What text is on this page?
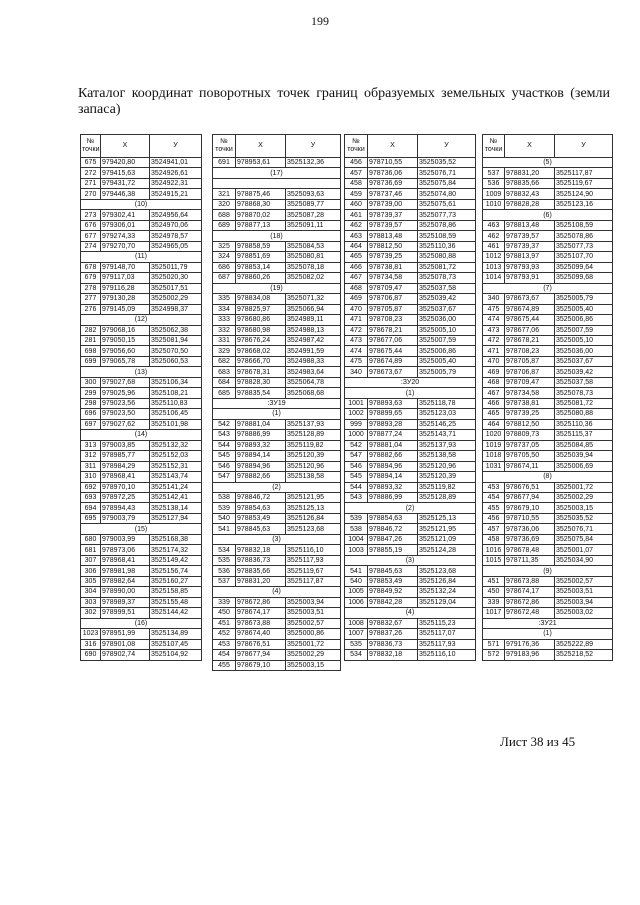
199
Каталог координат поворотных точек границ образуемых земельных участков (земли запаса)
№
точки	Х	У
675	979420,80	3524941,01
272	979415,63	3524926,61
271	979431,72	3524922,31
270	979446,38	3524915,21
(10)		
273	979302,41	3524956,64
676	979306,01	3524970,06
677	979274,33	3524978,57
274	979270,70	3524965,05
(11)		
678	979148,70	3525011,79
679	979117,03	3525020,30
278	979116,28	3525017,51
277	979130,28	3525002,29
276	979145,09	3524998,37
(12)		
282	979068,16	3525062,38
281	979050,15	3525081,94
698	979056,60	3525070,50
699	979065,78	3525060,53
(13)		
300	979027,68	3525106,34
299	979025,96	3525108,21
298	979023,56	3525110,83
696	979023,50	3525106,45
697	979027,62	3525101,98
(14)		
313	979003,85	3525132,32
312	978985,77	3525152,03
311	978984,29	3525152,31
310	978968,41	3525143,74
692	978970,10	3525141,24
693	978972,25	3525142,41
694	978994,43	3525138,14
695	979003,79	3525127,94
(15)		
680	979003,99	3525168,38
681	978973,06	3525174,32
307	978968,41	3525149,42
306	978981,98	3525156,74
305	978982,64	3525160,27
304	978990,00	3525158,85
303	978989,37	3525155,48
302	978999,51	3525144,42
(16)		
1023	978951,99	3525134,89
316	978901,08	3525107,45
690	978902,74	3525104,92
№
точки	Х	У
691	978953,61	3525132,36
(17)		

321	978875,46	3525093,63
320	978868,30	3525089,77
688	978870,02	3525087,28
689	978877,13	3525091,11
(18)		
325	978858,59	3525084,53
324	978851,69	3525080,81
686	978853,14	3525078,18
687	978860,26	3525082,02
(19)		
335	978834,08	3525071,32
334	978825,97	3525066,94
333	978680,86	3524989,11
332	978680,98	3524988,13
331	978676,24	3524987,42
329	978668,02	3524991,59
682	978666,70	3524988,33
683	978678,31	3524983,64
684	978828,30	3525064,78
685	978835,54	3525068,68
:ЗУ19		
(1)		
542	978881,04	3525137,93
543	978886,99	3525128,89
544	978893,32	3525119,82
545	978894,14	3525120,39
546	978894,96	3525120,96
547	978882,66	3525138,58
(2)		
538	978846,72	3525121,95
539	978854,63	3525125,13
540	978853,49	3525126,84
541	978845,63	3525123,68
(3)		
534	978832,18	3525116,10
535	978836,73	3525117,93
536	978835,66	3525119,67
537	978831,20	3525117,87
(4)		
339	978672,86	3525003,94
450	978674,17	3525003,51
451	978673,88	3525002,57
452	978674,40	3525000,86
453	978676,51	3525001,72
454	978677,94	3525002,29
455	978679,10	3525003,15
№
точки	Х	У
456	978710,55	3525035,52
457	978736,06	3525076,71
458	978736,69	3525075,84
459	978737,46	3525074,80
460	978739,00	3525075,61
461	978739,37	3525077,73
462	978739,57	3525078,86
463	978813,48	3525108,59
464	978812,50	3525110,36
465	978739,25	3525080,88
466	978738,81	3525081,72
467	978734,58	3525078,73
468	978709,47	3525037,58
469	978706,87	3525039,42
470	978705,87	3525037,67
471	978708,23	3525036,00
472	978678,21	3525005,10
473	978677,06	3525007,59
474	978675,44	3525006,86
475	978674,89	3525005,40
340	978673,67	3525005,79
:ЗУ20		
(1)		
1001	978893,63	3525118,78
1002	978899,65	3525123,03
999	978893,28	3525146,25
1000	978877,24	3525143,71
542	978881,04	3525137,93
547	978882,66	3525138,58
546	978894,96	3525120,96
545	978894,14	3525120,39
544	978893,32	3525119,82
543	978886,99	3525128,89
(2)		
539	978854,63	3525125,13
538	978846,72	3525121,95
1004	978847,26	3525121,09
1003	978855,19	3525124,28
(3)		
541	978845,63	3525123,68
540	978853,49	3525126,84
1005	978849,92	3525132,24
1006	978842,28	3525129,04
(4)		
1008	978832,67	3525115,23
1007	978837,26	3525117,07
535	978836,73	3525117,93
534	978832,18	3525116,10
№
точки	Х	У
(5)		
537	978831,20	3525117,87
536	978835,66	3525119,67
1009	978832,43	3525124,90
1010	978828,28	3525123,16
(6)		
463	978813,48	3525108,59
462	978739,57	3525078,86
461	978739,37	3525077,73
1012	978813,97	3525107,70
1013	978793,93	3525099,64
1014	978793,91	3525099,68
(7)		
340	978673,67	3525005,79
475	978674,89	3525005,40
474	978675,44	3525006,86
473	978677,06	3525007,59
472	978678,21	3525005,10
471	978708,23	3525036,00
470	978705,87	3525037,67
469	978706,87	3525039,42
468	978709,47	3525037,58
467	978734,58	3525078,73
466	978738,81	3525081,72
465	978739,25	3525080,88
464	978812,50	3525110,36
1020	978809,73	3525115,37
1019	978737,05	3525084,85
1018	978705,50	3525039,94
1031	978674,11	3525006,69
(8)		
453	978676,51	3525001,72
454	978677,94	3525002,29
455	978679,10	3525003,15
456	978710,55	3525035,52
457	978736,06	3525076,71
458	978736,69	3525075,84
1016	978678,48	3525001,07
1015	978711,35	3525034,90
(9)		
451	978673,88	3525002,57
450	978674,17	3525003,51
339	978672,86	3525003,94
1017	978672,48	3525003,02
:ЗУ21		
(1)		
571	979176,36	3525222,89
572	979183,96	3525218,52
Лист 38 из 45
